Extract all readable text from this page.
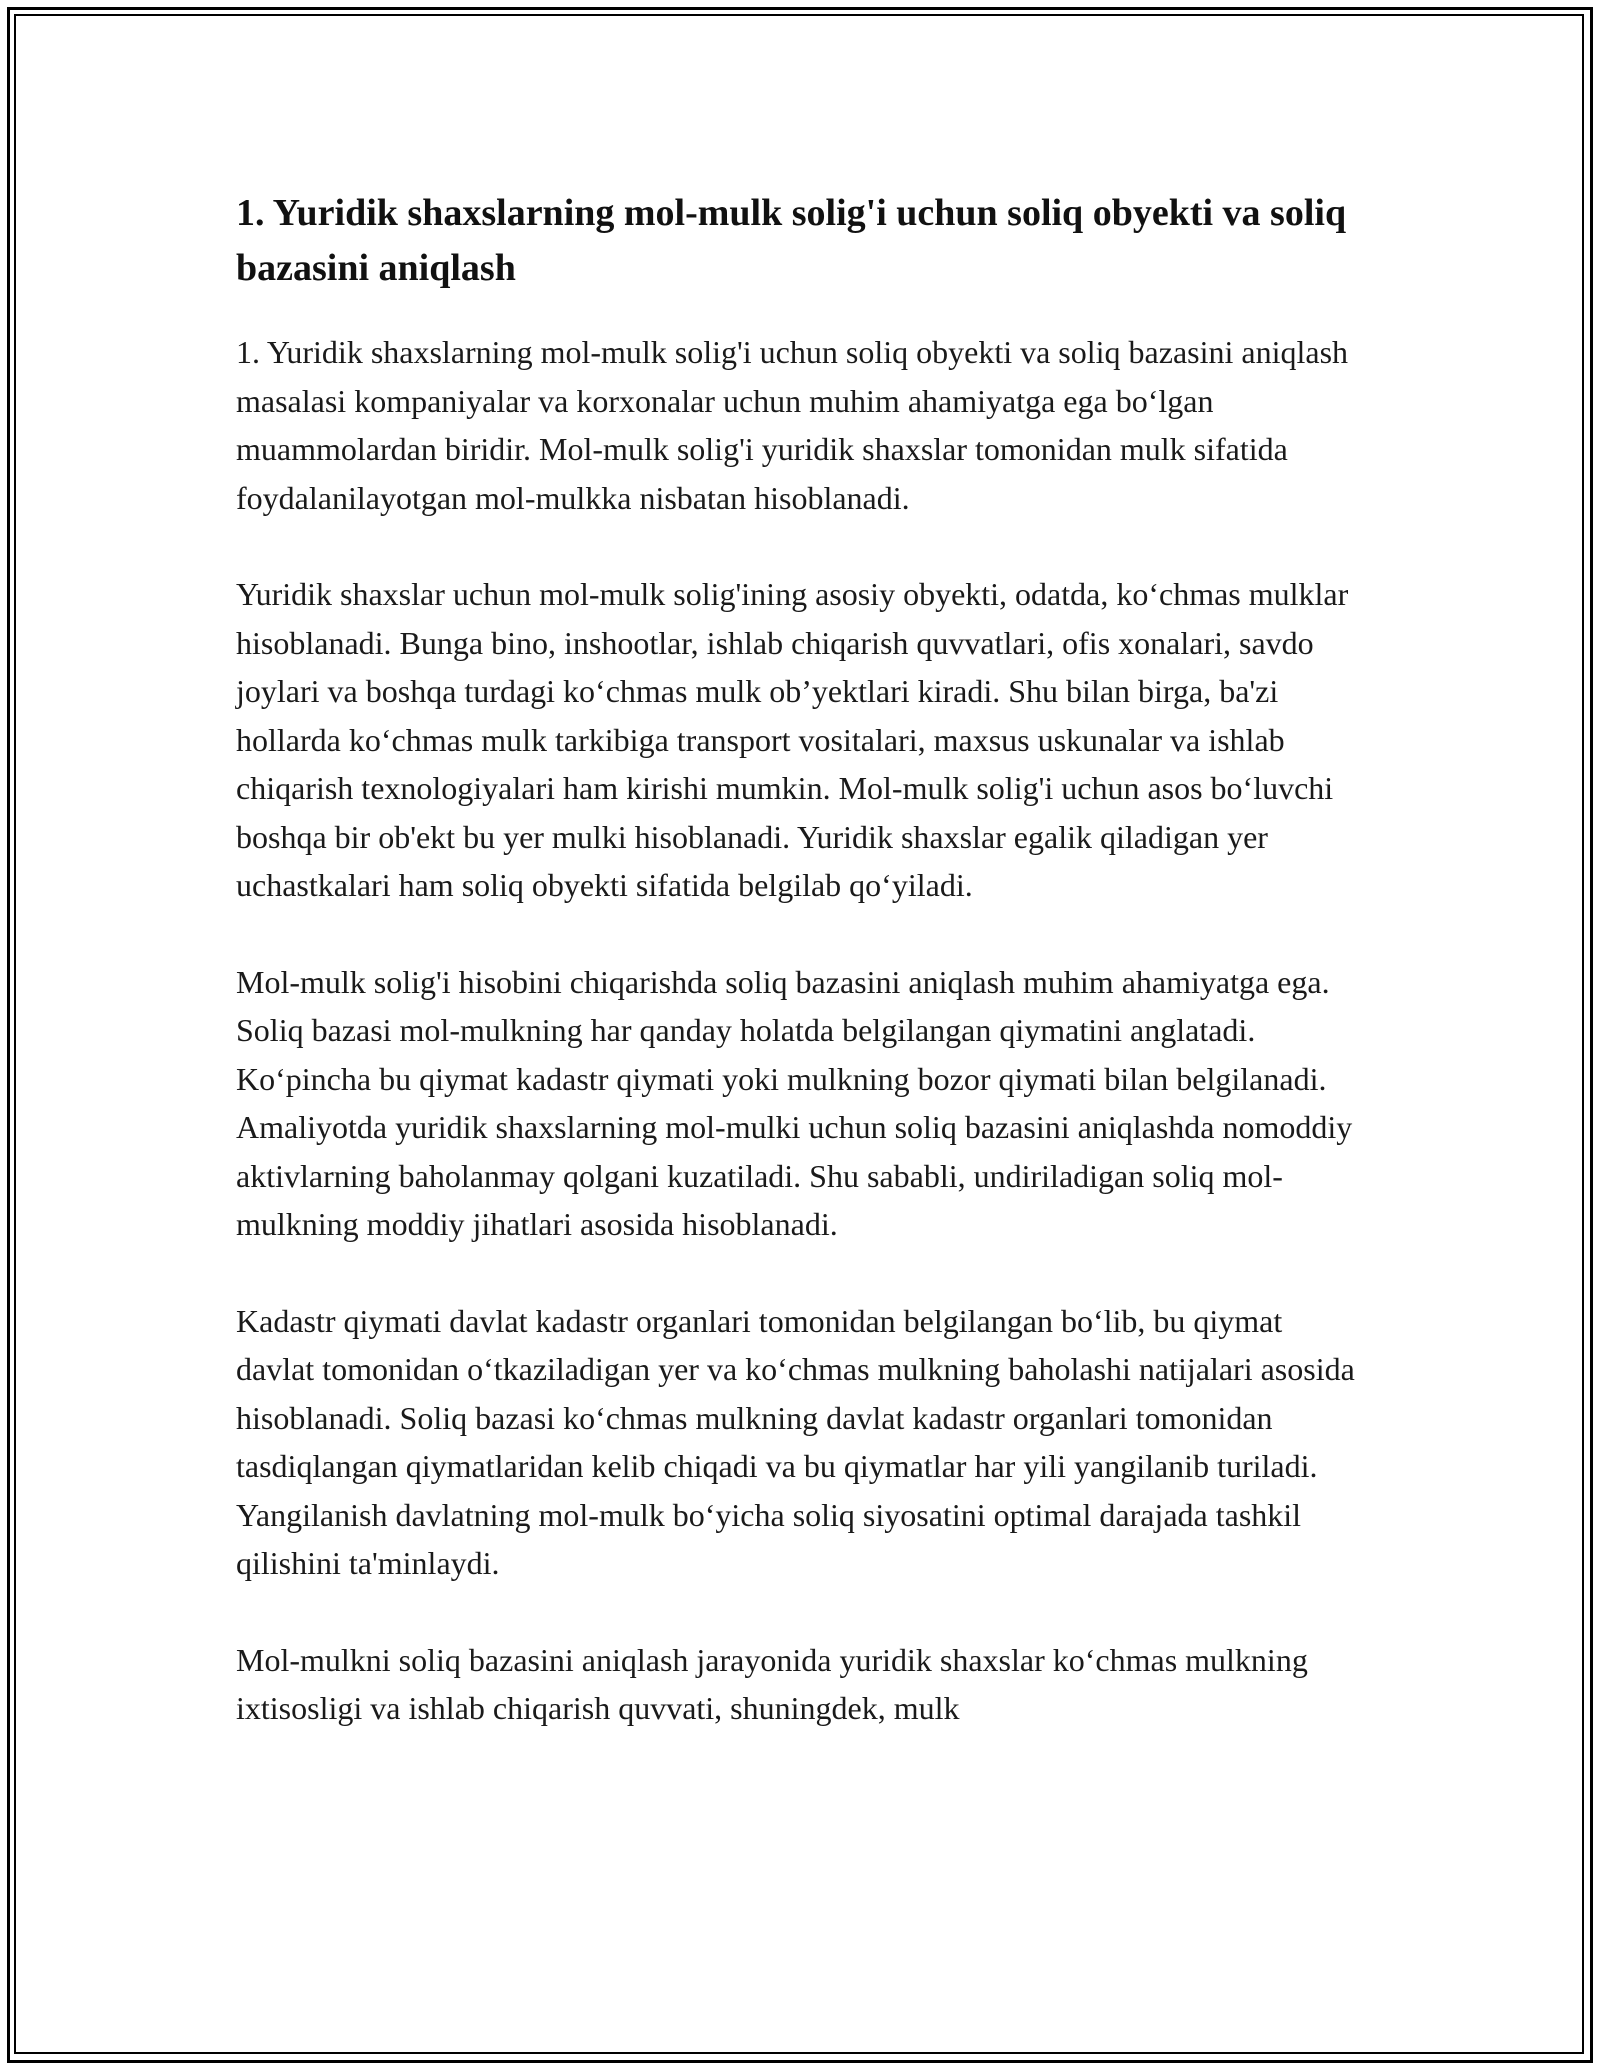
1. Yuridik shaxslarning mol-mulk solig'i uchun soliq obyekti va soliq bazasini aniqlash

1. Yuridik shaxslarning mol-mulk solig'i uchun soliq obyekti va soliq bazasini aniqlash masalasi kompaniyalar va korxonalar uchun muhim ahamiyatga ega bo‘lgan muammolardan biridir. Mol-mulk solig'i yuridik shaxslar tomonidan mulk sifatida foydalanilayotgan mol-mulkka nisbatan hisoblanadi.

Yuridik shaxslar uchun mol-mulk solig'ining asosiy obyekti, odatda, ko‘chmas mulklar hisoblanadi. Bunga bino, inshootlar, ishlab chiqarish quvvatlari, ofis xonalari, savdo joylari va boshqa turdagi ko‘chmas mulk ob’yektlari kiradi. Shu bilan birga, ba'zi hollarda ko‘chmas mulk tarkibiga transport vositalari, maxsus uskunalar va ishlab chiqarish texnologiyalari ham kirishi mumkin. Mol-mulk solig'i uchun asos bo‘luvchi boshqa bir ob'ekt bu yer mulki hisoblanadi. Yuridik shaxslar egalik qiladigan yer uchastkalari ham soliq obyekti sifatida belgilab qo‘yiladi.

Mol-mulk solig'i hisobini chiqarishda soliq bazasini aniqlash muhim ahamiyatga ega. Soliq bazasi mol-mulkning har qanday holatda belgilangan qiymatini anglatadi. Ko‘pincha bu qiymat kadastr qiymati yoki mulkning bozor qiymati bilan belgilanadi. Amaliyotda yuridik shaxslarning mol-mulki uchun soliq bazasini aniqlashda nomoddiy aktivlarning baholanmay qolgani kuzatiladi. Shu sababli, undiriladigan soliq mol-mulkning moddiy jihatlari asosida hisoblanadi.

Kadastr qiymati davlat kadastr organlari tomonidan belgilangan bo‘lib, bu qiymat davlat tomonidan o‘tkaziladigan yer va ko‘chmas mulkning baholashi natijalari asosida hisoblanadi. Soliq bazasi ko‘chmas mulkning davlat kadastr organlari tomonidan tasdiqlangan qiymatlaridan kelib chiqadi va bu qiymatlar har yili yangilanib turiladi. Yangilanish davlatning mol-mulk bo‘yicha soliq siyosatini optimal darajada tashkil qilishini ta'minlaydi.

Mol-mulkni soliq bazasini aniqlash jarayonida yuridik shaxslar ko‘chmas mulkning ixtisosligi va ishlab chiqarish quvvati, shuningdek, mulk
